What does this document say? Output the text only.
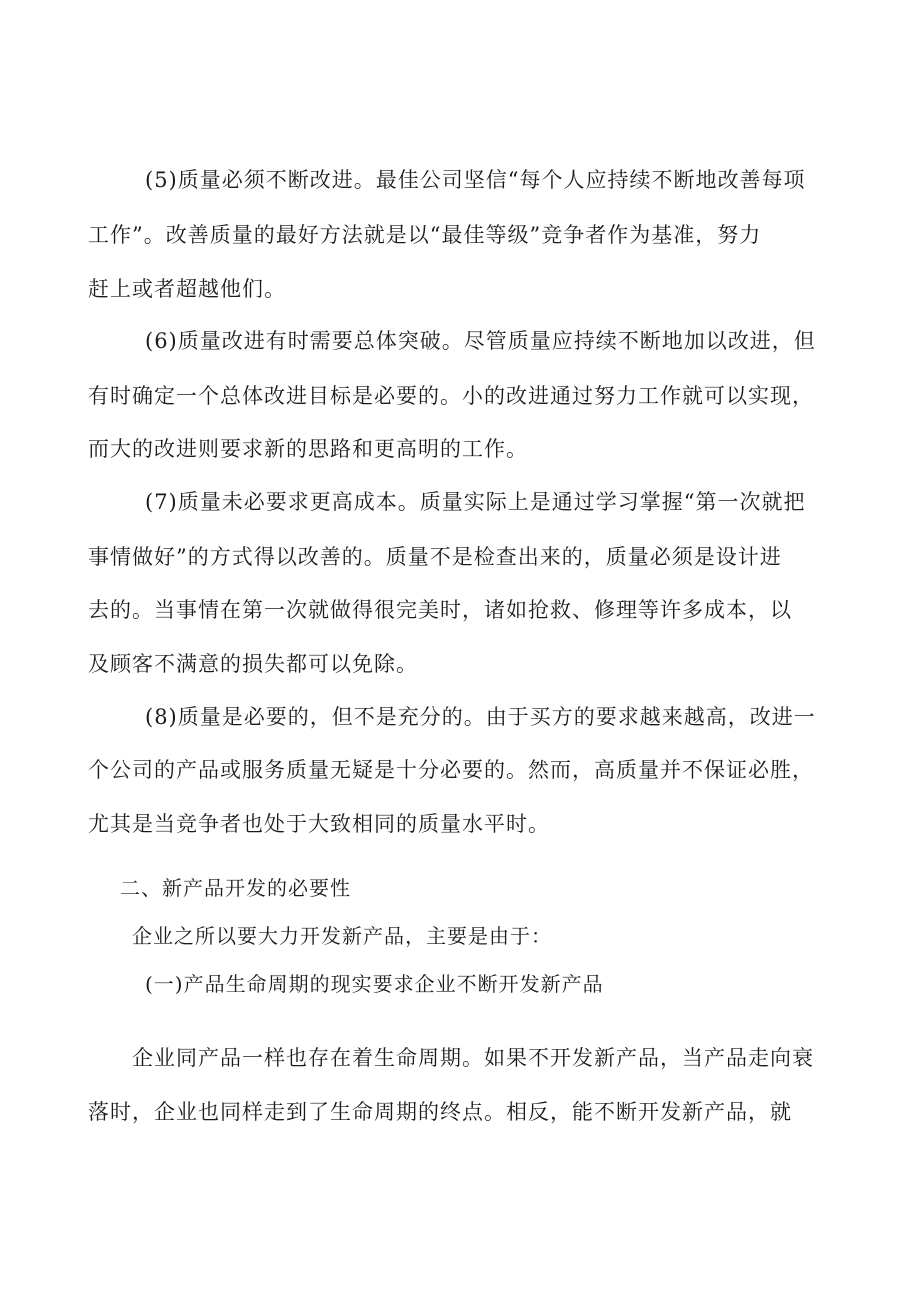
(5)质量必须不断改进。最佳公司坚信“每个人应持续不断地改善每项
工作”。改善质量的最好方法就是以“最佳等级”竞争者作为基准，努力
赶上或者超越他们。
(6)质量改进有时需要总体突破。尽管质量应持续不断地加以改进，但
有时确定一个总体改进目标是必要的。小的改进通过努力工作就可以实现，
而大的改进则要求新的思路和更高明的工作。
(7)质量未必要求更高成本。质量实际上是通过学习掌握“第一次就把
事情做好”的方式得以改善的。质量不是检查出来的，质量必须是设计进
去的。当事情在第一次就做得很完美时，诸如抢救、修理等许多成本，以
及顾客不满意的损失都可以免除。
(8)质量是必要的，但不是充分的。由于买方的要求越来越高，改进一
个公司的产品或服务质量无疑是十分必要的。然而，高质量并不保证必胜，
尤其是当竞争者也处于大致相同的质量水平时。
二、新产品开发的必要性
企业之所以要大力开发新产品，主要是由于：
(一)产品生命周期的现实要求企业不断开发新产品
企业同产品一样也存在着生命周期。如果不开发新产品，当产品走向衰
落时，企业也同样走到了生命周期的终点。相反，能不断开发新产品，就
